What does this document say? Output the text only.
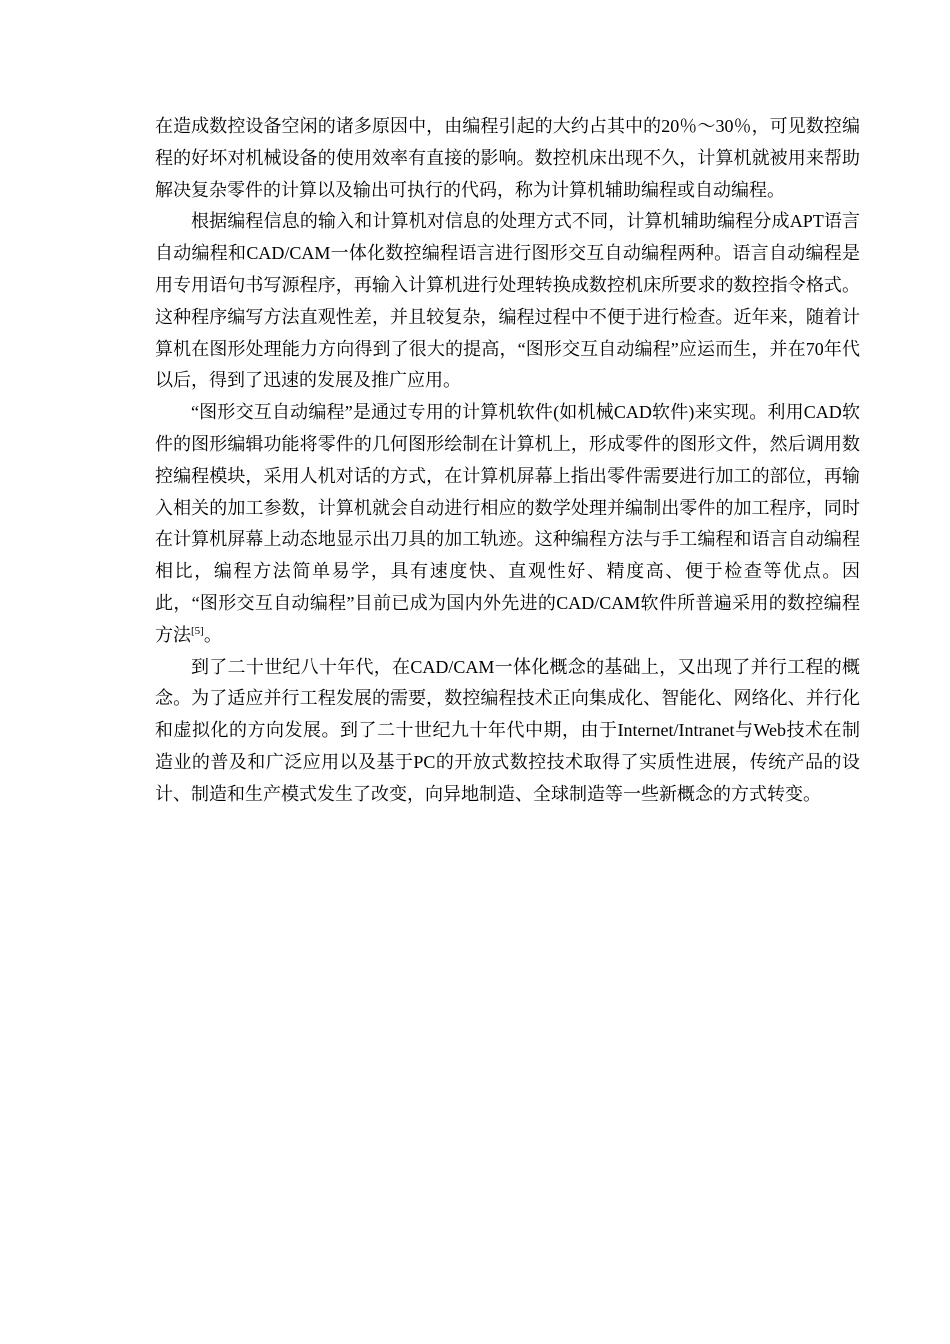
在造成数控设备空闲的诸多原因中，由编程引起的大约占其中的20％～30％，可见数控编程的好坏对机械设备的使用效率有直接的影响。数控机床出现不久，计算机就被用来帮助解决复杂零件的计算以及输出可执行的代码，称为计算机辅助编程或自动编程。

根据编程信息的输入和计算机对信息的处理方式不同，计算机辅助编程分成APT语言自动编程和CAD/CAM一体化数控编程语言进行图形交互自动编程两种。语言自动编程是用专用语句书写源程序，再输入计算机进行处理转换成数控机床所要求的数控指令格式。这种程序编写方法直观性差，并且较复杂，编程过程中不便于进行检查。近年来，随着计算机在图形处理能力方向得到了很大的提高，“图形交互自动编程”应运而生，并在70年代以后，得到了迅速的发展及推广应用。

“图形交互自动编程”是通过专用的计算机软件(如机械CAD软件)来实现。利用CAD软件的图形编辑功能将零件的几何图形绘制在计算机上，形成零件的图形文件，然后调用数控编程模块，采用人机对话的方式，在计算机屏幕上指出零件需要进行加工的部位，再输入相关的加工参数，计算机就会自动进行相应的数学处理并编制出零件的加工程序，同时在计算机屏幕上动态地显示出刀具的加工轨迹。这种编程方法与手工编程和语言自动编程相比，编程方法简单易学，具有速度快、直观性好、精度高、便于检查等优点。因此，“图形交互自动编程”目前已成为国内外先进的CAD/CAM软件所普遍采用的数控编程方法[5]。

到了二十世纪八十年代，在CAD/CAM一体化概念的基础上，又出现了并行工程的概念。为了适应并行工程发展的需要，数控编程技术正向集成化、智能化、网络化、并行化和虚拟化的方向发展。到了二十世纪九十年代中期，由于Internet/Intranet与Web技术在制造业的普及和广泛应用以及基于PC的开放式数控技术取得了实质性进展，传统产品的设计、制造和生产模式发生了改变，向异地制造、全球制造等一些新概念的方式转变。
